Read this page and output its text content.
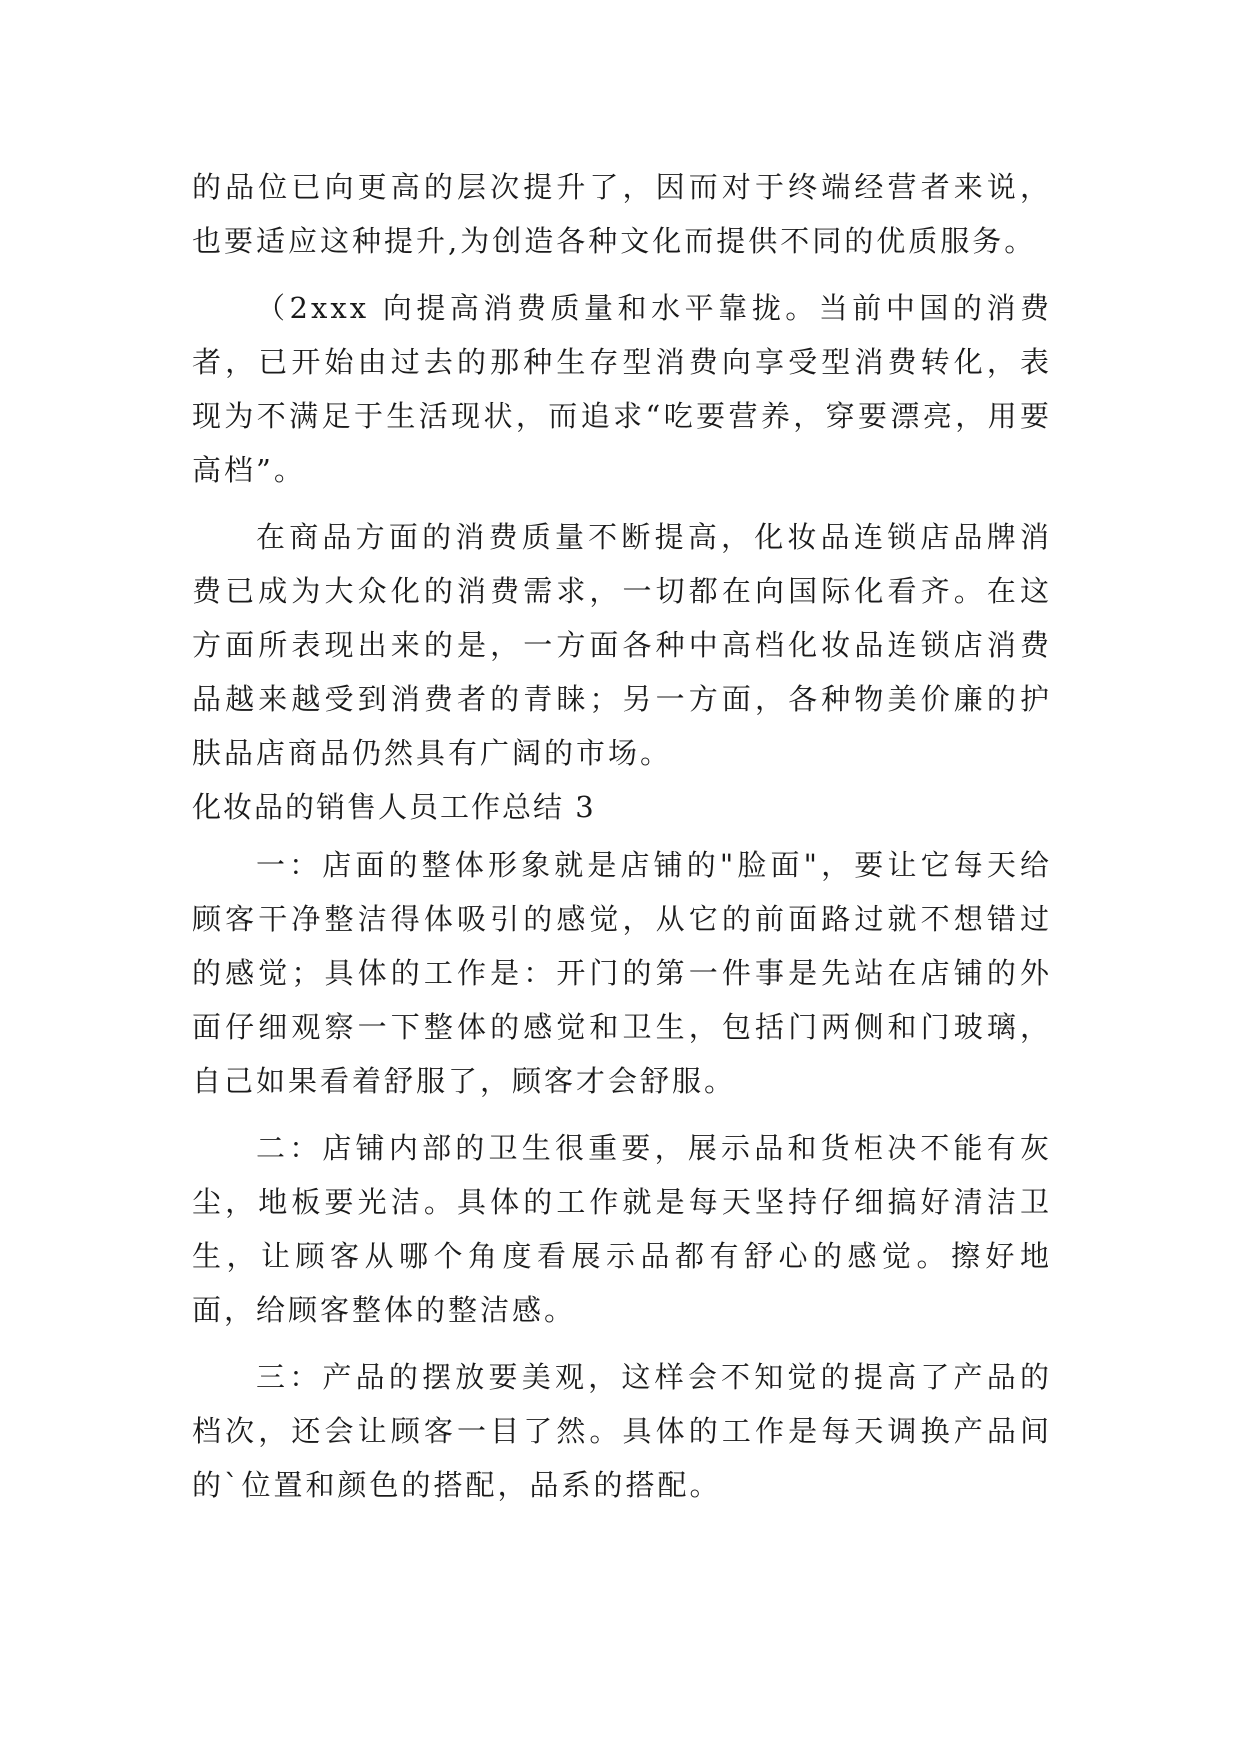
的品位已向更高的层次提升了，因而对于终端经营者来说，也要适应这种提升,为创造各种文化而提供不同的优质服务。

（2xxx 向提高消费质量和水平靠拢。当前中国的消费者，已开始由过去的那种生存型消费向享受型消费转化，表现为不满足于生活现状，而追求“吃要营养，穿要漂亮，用要高档”。

在商品方面的消费质量不断提高，化妆品连锁店品牌消费已成为大众化的消费需求，一切都在向国际化看齐。在这方面所表现出来的是，一方面各种中高档化妆品连锁店消费品越来越受到消费者的青睐；另一方面，各种物美价廉的护肤品店商品仍然具有广阔的市场。

化妆品的销售人员工作总结 3

一：店面的整体形象就是店铺的"脸面"，要让它每天给顾客干净整洁得体吸引的感觉，从它的前面路过就不想错过的感觉；具体的工作是：开门的第一件事是先站在店铺的外面仔细观察一下整体的感觉和卫生，包括门两侧和门玻璃，自己如果看着舒服了，顾客才会舒服。

二：店铺内部的卫生很重要，展示品和货柜决不能有灰尘，地板要光洁。具体的工作就是每天坚持仔细搞好清洁卫生，让顾客从哪个角度看展示品都有舒心的感觉。擦好地面，给顾客整体的整洁感。

三：产品的摆放要美观，这样会不知觉的提高了产品的档次，还会让顾客一目了然。具体的工作是每天调换产品间的`位置和颜色的搭配，品系的搭配。
